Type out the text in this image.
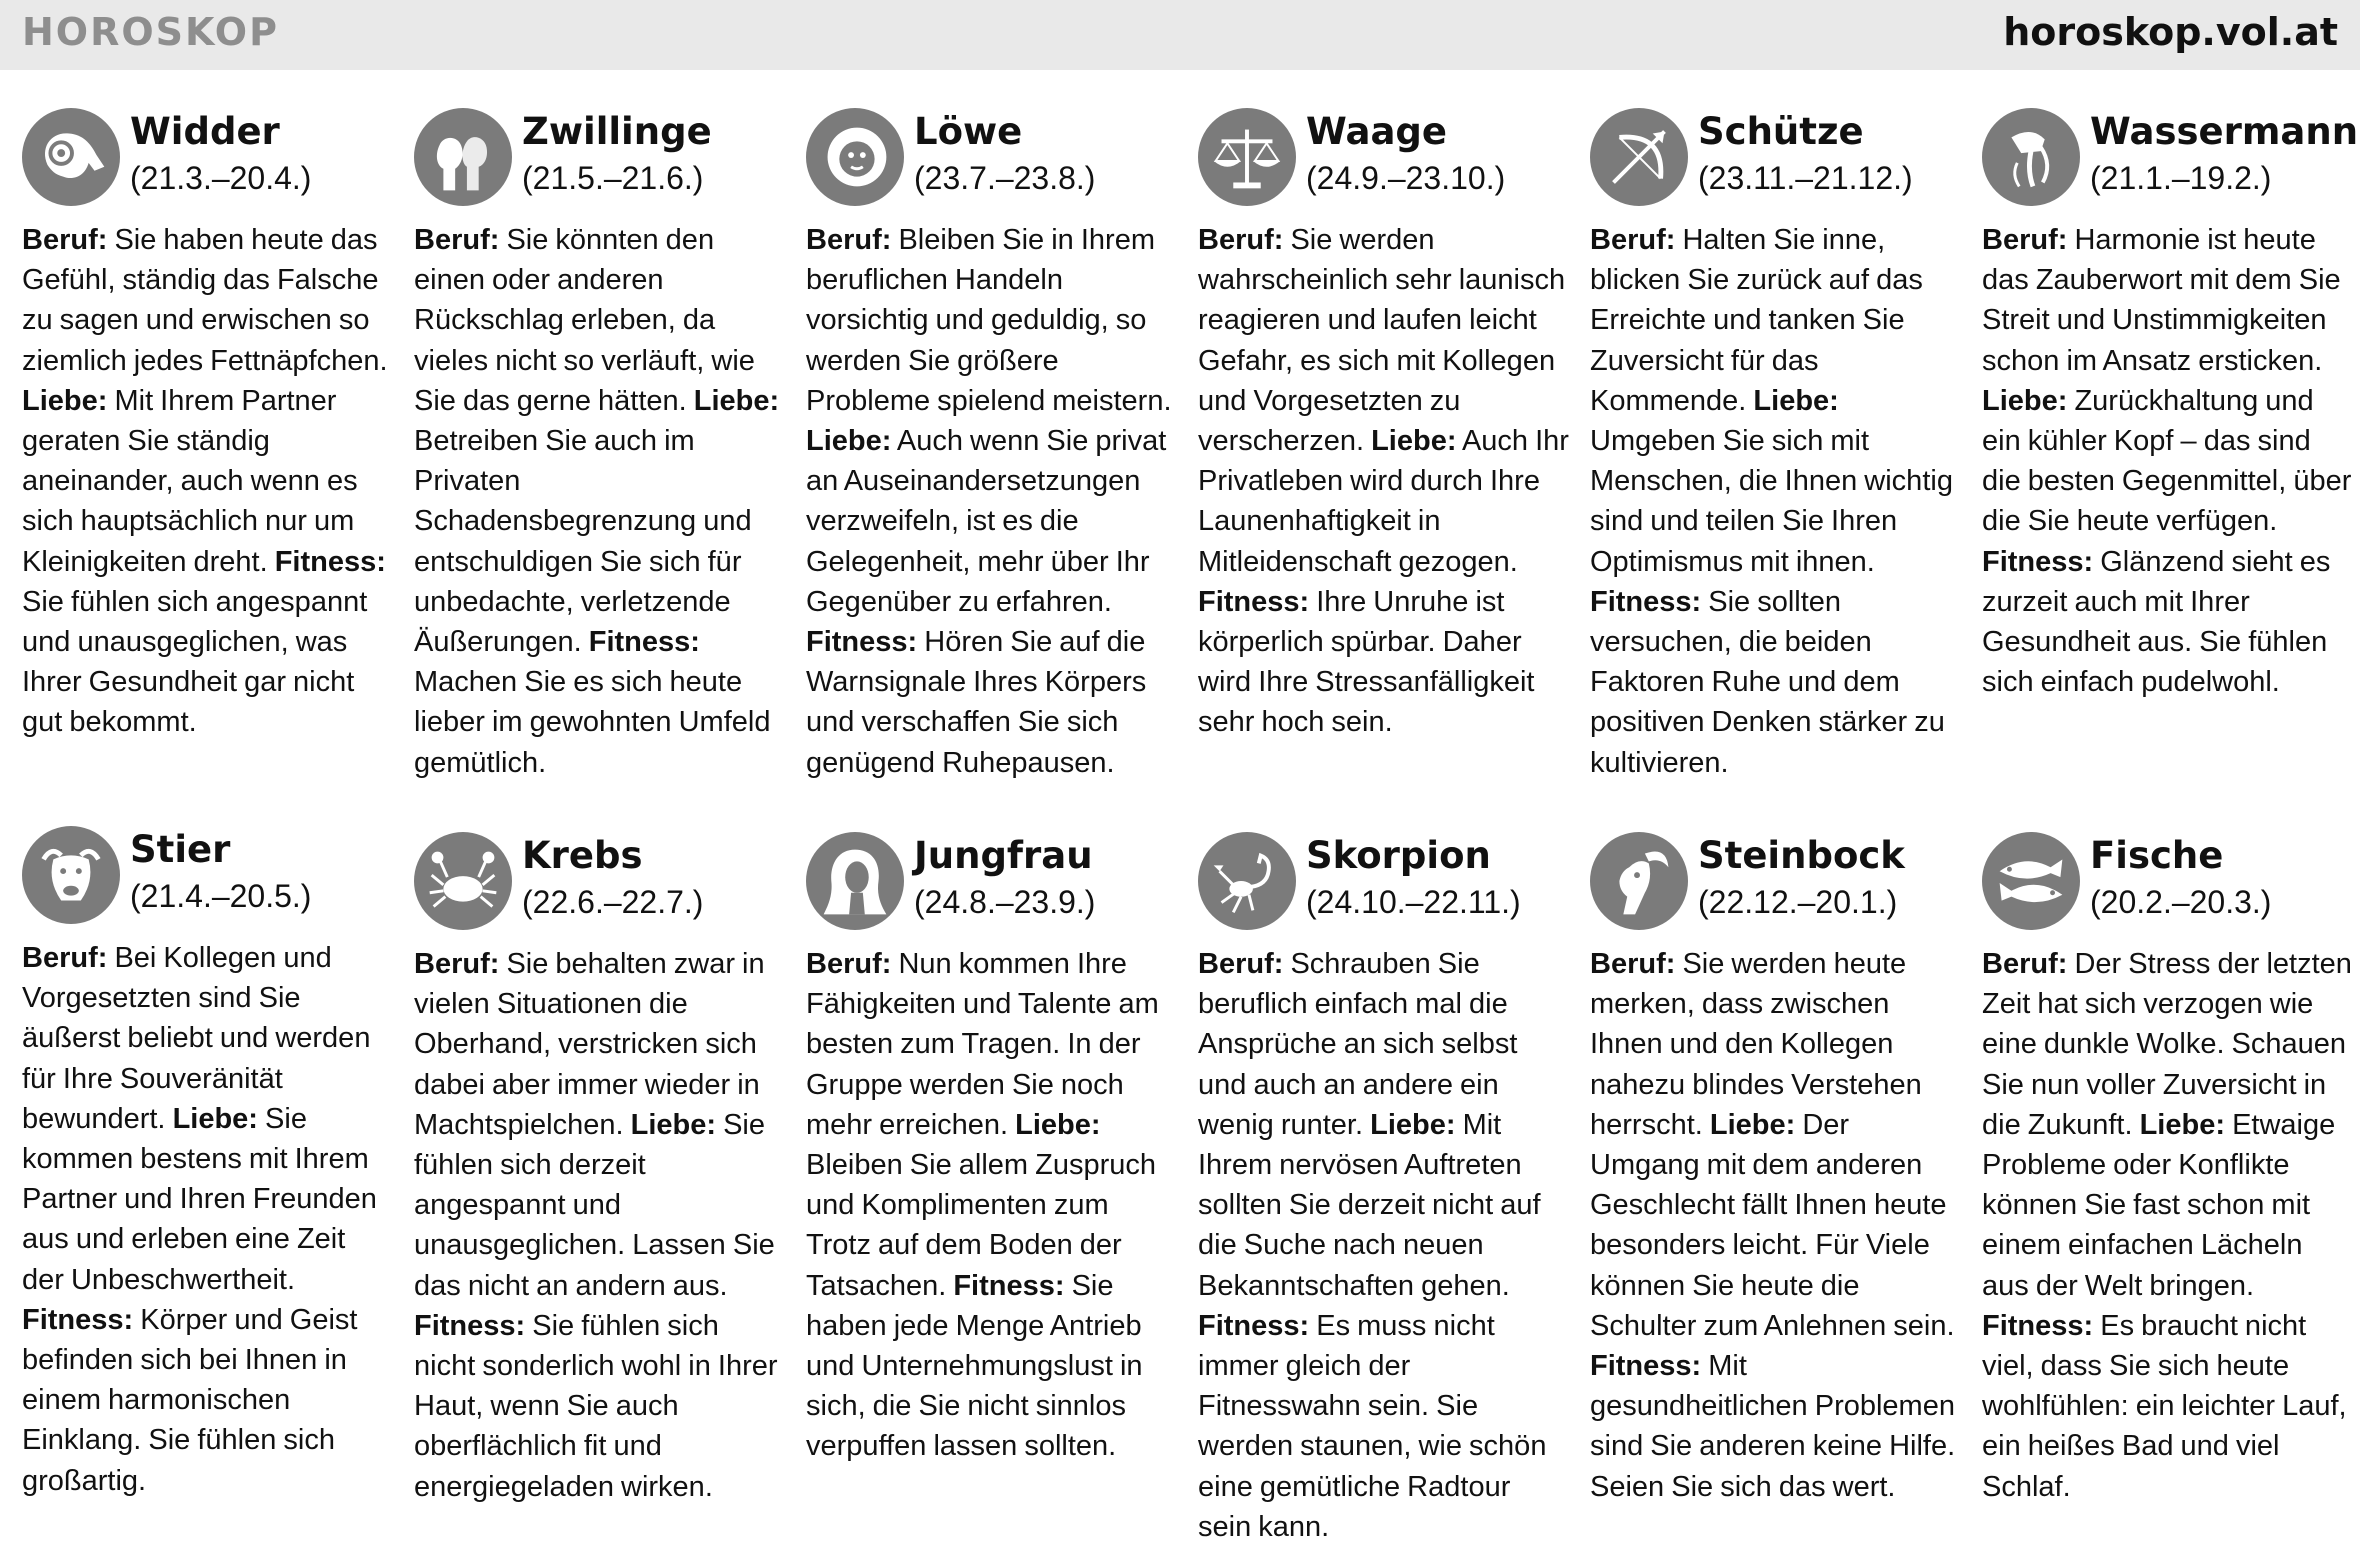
HOROSKOP	horoskop.vol.at
Widder
(21.3.–20.4.)

Beruf: Sie haben heute das Gefühl, ständig das Falsche zu sagen und erwischen so ziemlich jedes Fettnäpfchen. Liebe: Mit Ihrem Partner geraten Sie ständig aneinander, auch wenn es sich hauptsächlich nur um Kleinigkeiten dreht. Fitness: Sie fühlen sich angespannt und unausgeglichen, was Ihrer Gesundheit gar nicht gut bekommt.

Zwillinge
(21.5.–21.6.)

Beruf: Sie könnten den einen oder anderen Rückschlag erleben, da vieles nicht so verläuft, wie Sie das gerne hätten. Liebe: Betreiben Sie auch im Privaten Schadensbegrenzung und entschuldigen Sie sich für unbedachte, verletzende Äußerungen. Fitness: Machen Sie es sich heute lieber im gewohnten Umfeld gemütlich.

Löwe
(23.7.–23.8.)

Beruf: Bleiben Sie in Ihrem beruflichen Handeln vorsichtig und geduldig, so werden Sie größere Probleme spielend meistern. Liebe: Auch wenn Sie privat an Auseinandersetzungen verzweifeln, ist es die Gelegenheit, mehr über Ihr Gegenüber zu erfahren. Fitness: Hören Sie auf die Warnsignale Ihres Körpers und verschaffen Sie sich genügend Ruhepausen.

Waage
(24.9.–23.10.)

Beruf: Sie werden wahrscheinlich sehr launisch reagieren und laufen leicht Gefahr, es sich mit Kollegen und Vorgesetzten zu verscherzen. Liebe: Auch Ihr Privatleben wird durch Ihre Launenhaftigkeit in Mitleidenschaft gezogen. Fitness: Ihre Unruhe ist körperlich spürbar. Daher wird Ihre Stressanfälligkeit sehr hoch sein.

Schütze
(23.11.–21.12.)

Beruf: Halten Sie inne, blicken Sie zurück auf das Erreichte und tanken Sie Zuversicht für das Kommende. Liebe: Umgeben Sie sich mit Menschen, die Ihnen wichtig sind und teilen Sie Ihren Optimismus mit ihnen. Fitness: Sie sollten versuchen, die beiden Faktoren Ruhe und dem positiven Denken stärker zu kultivieren.

Wassermann
(21.1.–19.2.)

Beruf: Harmonie ist heute das Zauberwort mit dem Sie Streit und Unstimmigkeiten schon im Ansatz ersticken. Liebe: Zurückhaltung und ein kühler Kopf – das sind die besten Gegenmittel, über die Sie heute verfügen. Fitness: Glänzend sieht es zurzeit auch mit Ihrer Gesundheit aus. Sie fühlen sich einfach pudelwohl.

Stier
(21.4.–20.5.)

Beruf: Bei Kollegen und Vorgesetzten sind Sie äußerst beliebt und werden für Ihre Souveränität bewundert. Liebe: Sie kommen bestens mit Ihrem Partner und Ihren Freunden aus und erleben eine Zeit der Unbeschwertheit. Fitness: Körper und Geist befinden sich bei Ihnen in einem harmonischen Einklang. Sie fühlen sich großartig.

Krebs
(22.6.–22.7.)

Beruf: Sie behalten zwar in vielen Situationen die Oberhand, verstricken sich dabei aber immer wieder in Machtspielchen. Liebe: Sie fühlen sich derzeit angespannt und unausgeglichen. Lassen Sie das nicht an andern aus. Fitness: Sie fühlen sich nicht sonderlich wohl in Ihrer Haut, wenn Sie auch oberflächlich fit und energiegeladen wirken.

Jungfrau
(24.8.–23.9.)

Beruf: Nun kommen Ihre Fähigkeiten und Talente am besten zum Tragen. In der Gruppe werden Sie noch mehr erreichen. Liebe: Bleiben Sie allem Zuspruch und Komplimenten zum Trotz auf dem Boden der Tatsachen. Fitness: Sie haben jede Menge Antrieb und Unternehmungslust in sich, die Sie nicht sinnlos verpuffen lassen sollten.

Skorpion
(24.10.–22.11.)

Beruf: Schrauben Sie beruflich einfach mal die Ansprüche an sich selbst und auch an andere ein wenig runter. Liebe: Mit Ihrem nervösen Auftreten sollten Sie derzeit nicht auf die Suche nach neuen Bekanntschaften gehen. Fitness: Es muss nicht immer gleich der Fitnesswahn sein. Sie werden staunen, wie schön eine gemütliche Radtour sein kann.

Steinbock
(22.12.–20.1.)

Beruf: Sie werden heute merken, dass zwischen Ihnen und den Kollegen nahezu blindes Verstehen herrscht. Liebe: Der Umgang mit dem anderen Geschlecht fällt Ihnen heute besonders leicht. Für Viele können Sie heute die Schulter zum Anlehnen sein. Fitness: Mit gesundheitlichen Problemen sind Sie anderen keine Hilfe. Seien Sie sich das wert.

Fische
(20.2.–20.3.)

Beruf: Der Stress der letzten Zeit hat sich verzogen wie eine dunkle Wolke. Schauen Sie nun voller Zuversicht in die Zukunft. Liebe: Etwaige Probleme oder Konflikte können Sie fast schon mit einem einfachen Lächeln aus der Welt bringen. Fitness: Es braucht nicht viel, dass Sie sich heute wohlfühlen: ein leichter Lauf, ein heißes Bad und viel Schlaf.
